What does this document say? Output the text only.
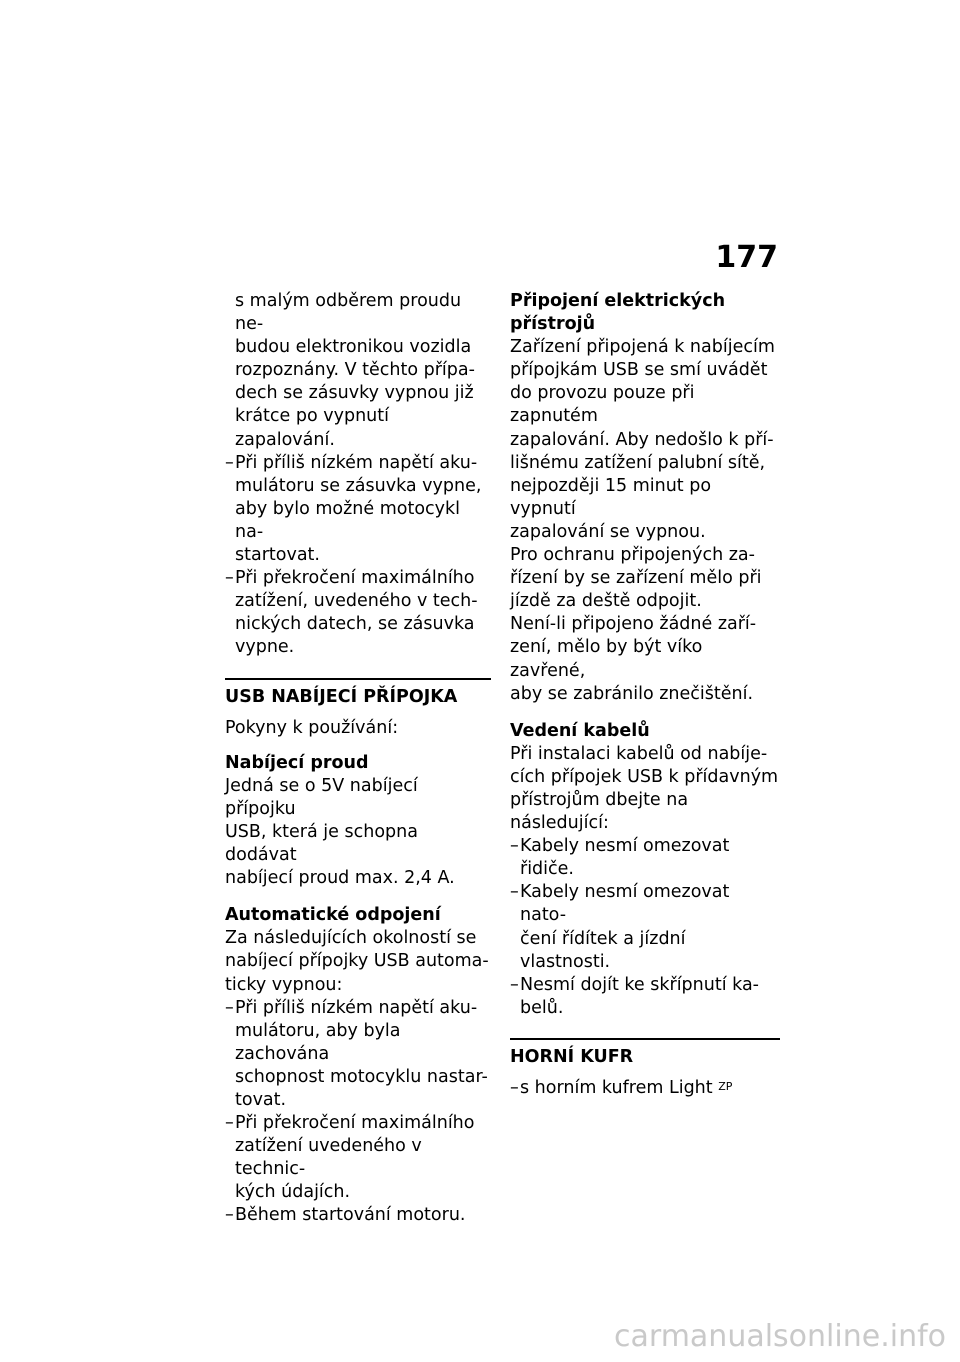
177

s malým odběrem proudu ne-

budou elektronikou vozidla

rozpoznány. V těchto přípa-

dech se zásuvky vypnou již

krátce po vypnutí zapalování.

– Při příliš nízkém napětí aku-
mulátoru se zásuvka vypne,
aby bylo možné motocykl na-
startovat.
– Při překročení maximálního
zatížení, uvedeného v tech-
nických datech, se zásuvka
vypne.
USB NABÍJECÍ PŘÍPOJKA

Pokyny k používání:

Nabíjecí proud

Jedná se o 5V nabíjecí přípojku

USB, která je schopna dodávat

nabíjecí proud max. 2,4 A.

Automatické odpojení

Za následujících okolností se

nabíjecí přípojky USB automa-

ticky vypnou:

– Při příliš nízkém napětí aku-
mulátoru, aby byla zachována
schopnost motocyklu nastar-
tovat.
– Při překročení maximálního
zatížení uvedeného v technic-
kých údajích.
– Během startování motoru.
Připojení elektrických
přístrojů

Zařízení připojená k nabíjecím

přípojkám USB se smí uvádět

do provozu pouze při zapnutém

zapalování. Aby nedošlo k pří-

lišnému zatížení palubní sítě,

nejpozději 15 minut po vypnutí

zapalování se vypnou.

Pro ochranu připojených za-

řízení by se zařízení mělo při

jízdě za deště odpojit.

Není-li připojeno žádné zaří-

zení, mělo by být víko zavřené,

aby se zabránilo znečištění.

Vedení kabelů

Při instalaci kabelů od nabíje-

cích přípojek USB k přídavným

přístrojům dbejte na následující:

– Kabely nesmí omezovat řidiče.
– Kabely nesmí omezovat nato-
čení řídítek a jízdní vlastnosti.
– Nesmí dojít ke skřípnutí ka-
belů.
HORNÍ KUFR
– s horním kufrem Light $^{ZP}$
carmanualsonline.info
